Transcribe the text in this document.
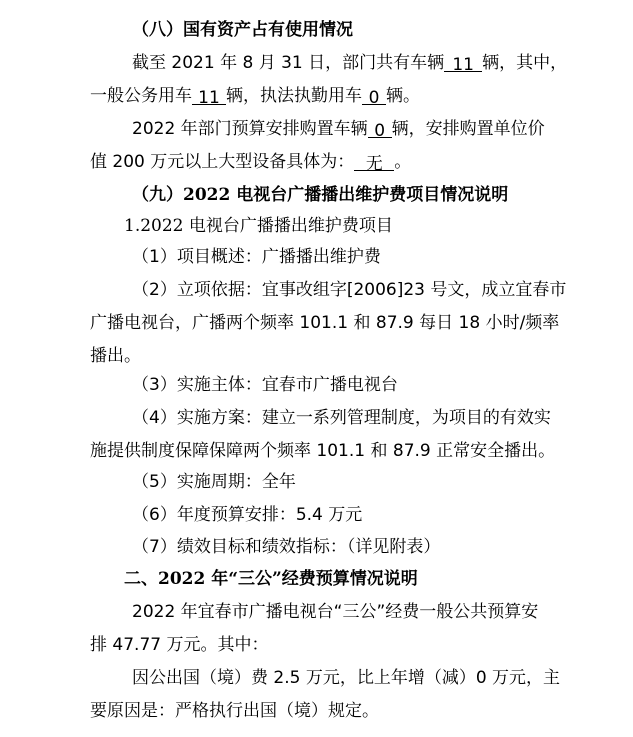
（八）国有资产占有使用情况
截至 2021 年 8 月 31 日，部门共有车辆 11 辆，其中，
一般公务用车 11 辆，执法执勤用车 0 辆。
2022 年部门预算安排购置车辆 0 辆，安排购置单位价
值 200 万元以上大型设备具体为： 无 。
（九）2022 电视台广播播出维护费项目情况说明
1.2022 电视台广播播出维护费项目
（1）项目概述：广播播出维护费
（2）立项依据：宜事改组字[2006]23 号文，成立宜春市
广播电视台，广播两个频率 101.1 和 87.9 每日 18 小时/频率
播出。
（3）实施主体：宜春市广播电视台
（4）实施方案：建立一系列管理制度，为项目的有效实
施提供制度保障保障两个频率 101.1 和 87.9 正常安全播出。
（5）实施周期：全年
（6）年度预算安排：5.4 万元
（7）绩效目标和绩效指标：（详见附表）
二、2022 年“三公”经费预算情况说明
2022 年宜春市广播电视台“三公”经费一般公共预算安
排 47.77 万元。其中：
因公出国（境）费 2.5 万元，比上年增（减）0 万元，主
要原因是：严格执行出国（境）规定。
